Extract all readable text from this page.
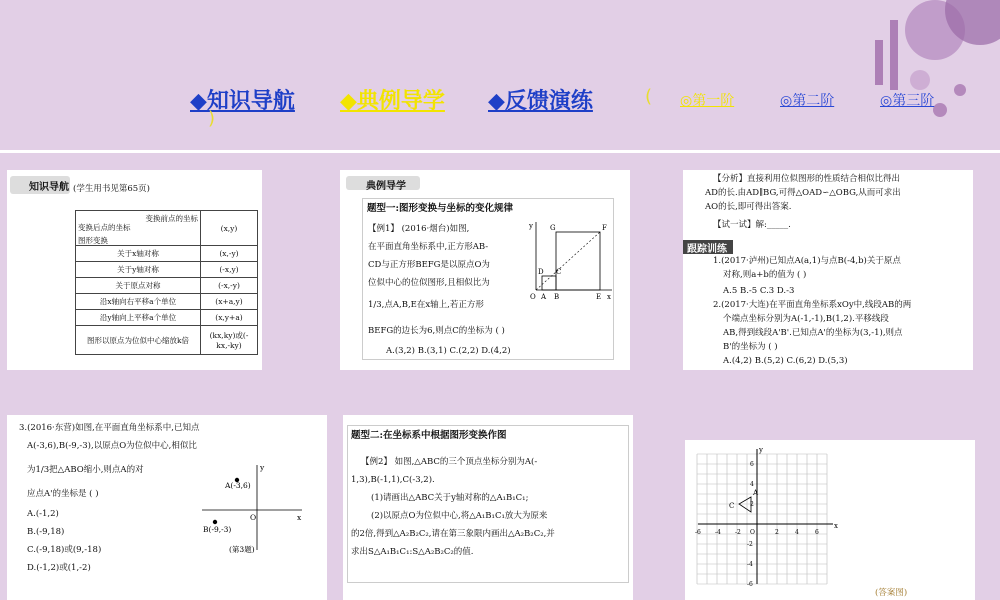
◆知识导航 ◆典例导学 ◆反馈演练	( ◎第一阶	◎第二阶	◎第三阶
)
知识导航 (学生用书见第65页)
变换前点的坐标
变换后点的坐标
图形变换	(x,y)
关于x轴对称	(x,-y)
关于y轴对称	(-x,y)
关于原点对称	(-x,-y)
沿x轴向右平移a个单位	(x+a,y)
沿y轴向上平移a个单位	(x,y+a)
图形以原点为位似中心缩放k倍	(kx,ky)或(-kx,-ky)
典例导学
题型一:图形变换与坐标的变化规律
【例1】 (2016·烟台)如图,
在平面直角坐标系中,正方形AB-
CD与正方形BEFG是以原点O为
位似中心的位似图形,且相似比为
1/3,点A,B,E在x轴上,若正方形
BEFG的边长为6,则点C的坐标为 ( )
A.(3,2) B.(3,1) C.(2,2) D.(4,2)
y G	F
D C
O A B	E x
【分析】直接利用位似图形的性质结合相似比得出
AD的长.由AD∥BG,可得△OAD∽△OBG,从而可求出
AO的长,即可得出答案.
【试一试】解:_____.
跟踪训练
1.(2017·泸州)已知点A(a,1)与点B(-4,b)关于原点
对称,则a+b的值为 ( )
A.5 B.-5 C.3 D.-3
2.(2017·大连)在平面直角坐标系xOy中,线段AB的两
个端点坐标分别为A(-1,-1),B(1,2).平移线段
AB,得到线段A'B'.已知点A'的坐标为(3,-1),则点
B'的坐标为 ( )
A.(4,2) B.(5,2) C.(6,2) D.(5,3)
3.(2016·东营)如图,在平面直角坐标系中,已知点
A(-3,6),B(-9,-3),以原点O为位似中心,相似比
为1/3把△ABO缩小,则点A的对
应点A'的坐标是 ( )
A.(-1,2)
B.(-9,18)
C.(-9,18)或(9,-18)
D.(-1,2)或(1,-2)
A(-3,6)
B(-9,-3)
O	x
y
(第3题)
题型二:在坐标系中根据图形变换作图
【例2】 如图,△ABC的三个顶点坐标分别为A(-
1,3),B(-1,1),C(-3,2).
(1)请画出△ABC关于y轴对称的△A₁B₁C₁;
(2)以原点O为位似中心,将△A₁B₁C₁放大为原来
的2倍,得到△A₂B₂C₂,请在第三象限内画出△A₂B₂C₂,并
求出S△A₁B₁C₁:S△A₂B₂C₂的值.
A
C
x
y
-6 -4 -2 O	2	4	6
6
4
2
-2
-4
-6
(答案图)
